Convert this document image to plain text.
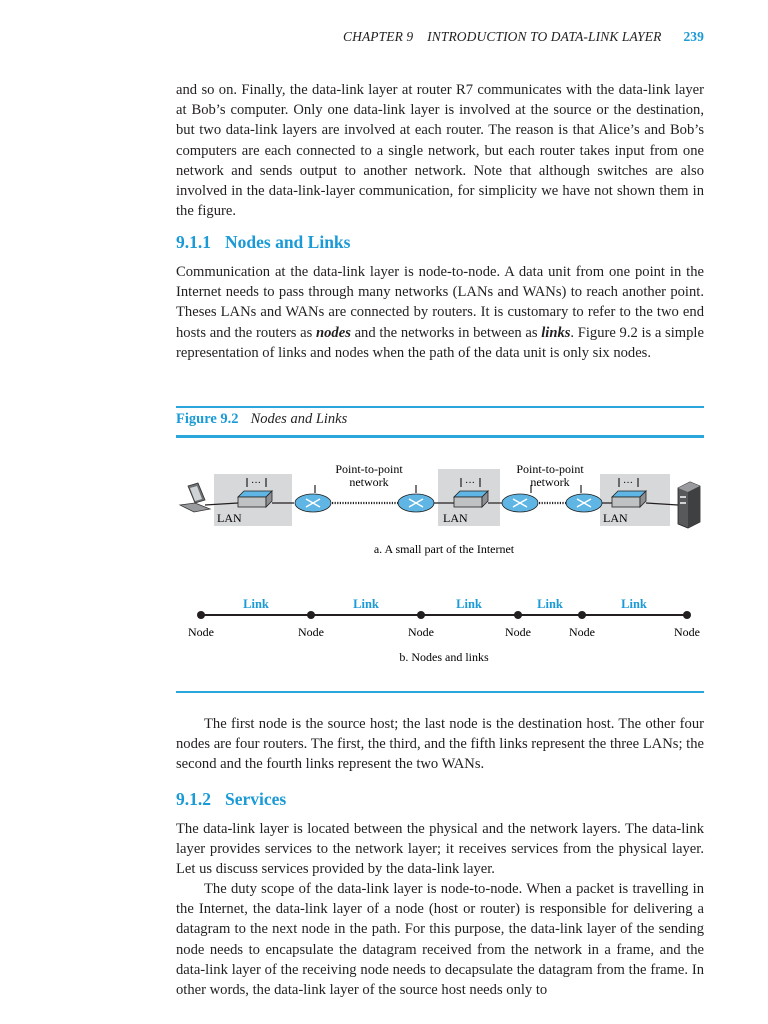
CHAPTER 9    INTRODUCTION TO DATA-LINK LAYER 239

and so on. Finally, the data-link layer at router R7 communicates with the data-link layer at Bob’s computer. Only one data-link layer is involved at the source or the destination, but two data-link layers are involved at each router. The reason is that Alice’s and Bob’s computers are each connected to a single network, but each router takes input from one network and sends output to another network. Note that although switches are also involved in the data-link-layer communication, for simplicity we have not shown them in the figure.

9.1.1 Nodes and Links

Communication at the data-link layer is node-to-node. A data unit from one point in the Internet needs to pass through many networks (LANs and WANs) to reach another point. Theses LANs and WANs are connected by routers. It is customary to refer to the two end hosts and the routers as nodes and the networks in between as links. Figure 9.2 is a simple representation of links and nodes when the path of the data unit is only six nodes.

Figure 9.2 Nodes and Links
···	···	···
Point-to-point
network
Point-to-point
network
LAN	LAN	LAN
a. A small part of the Internet
Link	Link	Link	Link	Link
Node	Node	Node	Node	Node	Node
b. Nodes and links

The first node is the source host; the last node is the destination host. The other four nodes are four routers. The first, the third, and the fifth links represent the three LANs; the second and the fourth links represent the two WANs.

9.1.2 Services

The data-link layer is located between the physical and the network layers. The data-link layer provides services to the network layer; it receives services from the physical layer. Let us discuss services provided by the data-link layer.

The duty scope of the data-link layer is node-to-node. When a packet is travelling in the Internet, the data-link layer of a node (host or router) is responsible for delivering a datagram to the next node in the path. For this purpose, the data-link layer of the sending node needs to encapsulate the datagram received from the network in a frame, and the data-link layer of the receiving node needs to decapsulate the datagram from the frame. In other words, the data-link layer of the source host needs only to
